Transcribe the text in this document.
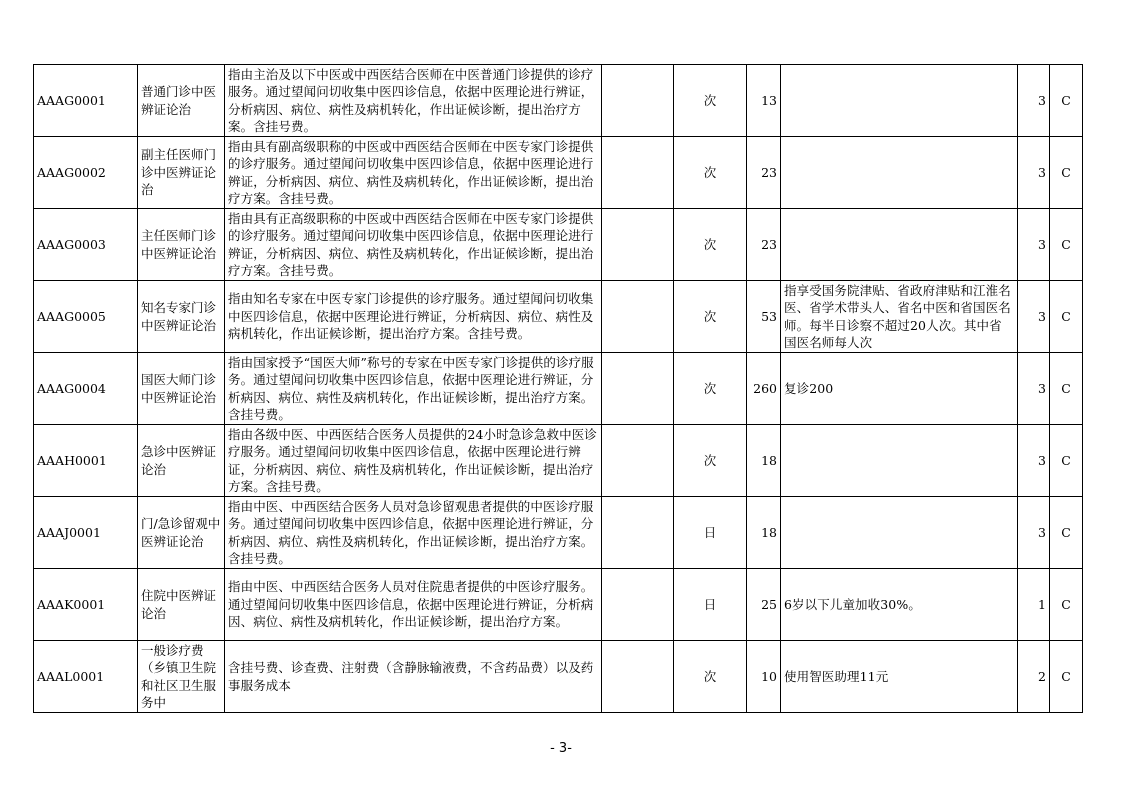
AAAG0001	普通门诊中医辨证论治	指由主治及以下中医或中西医结合医师在中医普通门诊提供的诊疗服务。通过望闻问切收集中医四诊信息，依据中医理论进行辨证，分析病因、病位、病性及病机转化，作出证候诊断，提出治疗方案。含挂号费。		次	13		3	C
AAAG0002	副主任医师门诊中医辨证论治	指由具有副高级职称的中医或中西医结合医师在中医专家门诊提供的诊疗服务。通过望闻问切收集中医四诊信息，依据中医理论进行辨证，分析病因、病位、病性及病机转化，作出证候诊断，提出治疗方案。含挂号费。		次	23		3	C
AAAG0003	主任医师门诊中医辨证论治	指由具有正高级职称的中医或中西医结合医师在中医专家门诊提供的诊疗服务。通过望闻问切收集中医四诊信息，依据中医理论进行辨证，分析病因、病位、病性及病机转化，作出证候诊断，提出治疗方案。含挂号费。		次	23		3	C
AAAG0005	知名专家门诊中医辨证论治	指由知名专家在中医专家门诊提供的诊疗服务。通过望闻问切收集中医四诊信息，依据中医理论进行辨证，分析病因、病位、病性及病机转化，作出证候诊断，提出治疗方案。含挂号费。		次	53	指享受国务院津贴、省政府津贴和江淮名医、省学术带头人、省名中医和省国医名师。每半日诊察不超过20人次。其中省国医名师每人次	3	C
AAAG0004	国医大师门诊中医辨证论治	指由国家授予“国医大师”称号的专家在中医专家门诊提供的诊疗服务。通过望闻问切收集中医四诊信息，依据中医理论进行辨证，分析病因、病位、病性及病机转化，作出证候诊断，提出治疗方案。含挂号费。		次	260	复诊200	3	C
AAAH0001	急诊中医辨证论治	指由各级中医、中西医结合医务人员提供的24小时急诊急救中医诊疗服务。通过望闻问切收集中医四诊信息，依据中医理论进行辨证，分析病因、病位、病性及病机转化，作出证候诊断，提出治疗方案。含挂号费。		次	18		3	C
AAAJ0001	门/急诊留观中医辨证论治	指由中医、中西医结合医务人员对急诊留观患者提供的中医诊疗服务。通过望闻问切收集中医四诊信息，依据中医理论进行辨证，分析病因、病位、病性及病机转化，作出证候诊断，提出治疗方案。含挂号费。		日	18		3	C
AAAK0001	住院中医辨证论治	指由中医、中西医结合医务人员对住院患者提供的中医诊疗服务。通过望闻问切收集中医四诊信息，依据中医理论进行辨证，分析病因、病位、病性及病机转化，作出证候诊断，提出治疗方案。		日	25	6岁以下儿童加收30%。	1	C
AAAL0001	一般诊疗费（乡镇卫生院和社区卫生服务中	含挂号费、诊查费、注射费（含静脉输液费，不含药品费）以及药事服务成本		次	10	使用智医助理11元	2	C
- 3-
